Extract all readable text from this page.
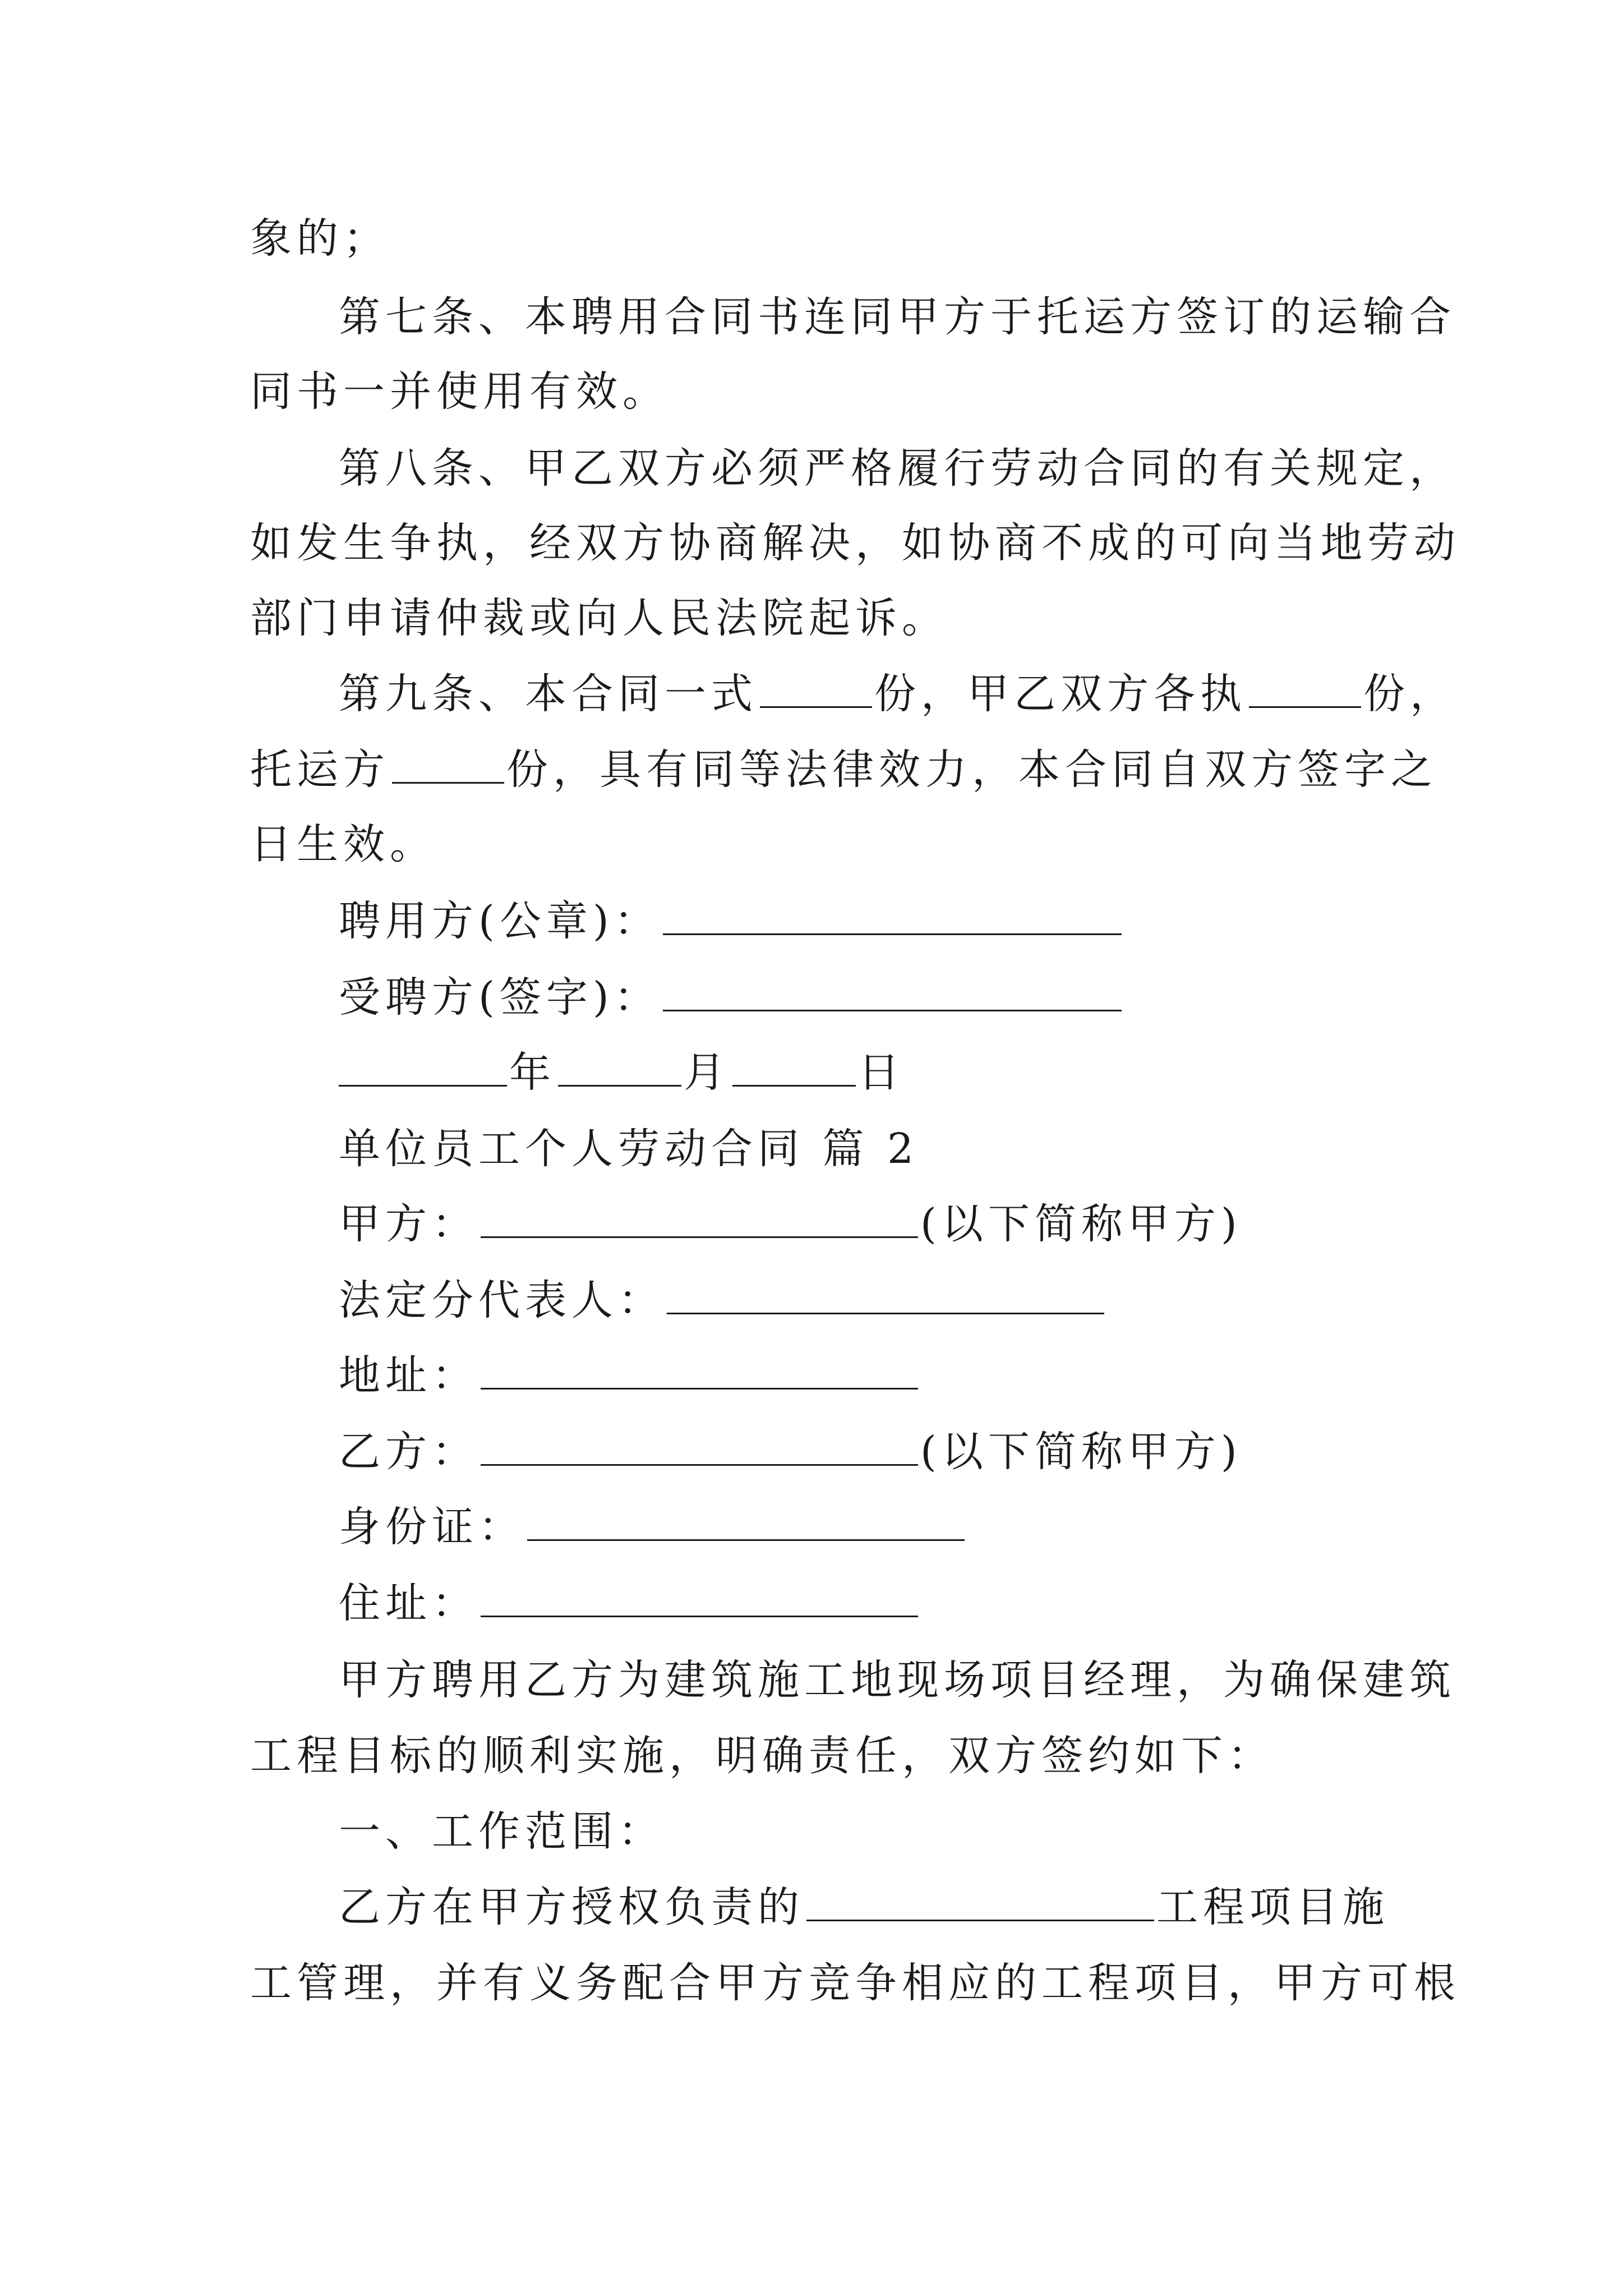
象的；
第七条、本聘用合同书连同甲方于托运方签订的运输合
同书一并使用有效。
第八条、甲乙双方必须严格履行劳动合同的有关规定，
如发生争执，经双方协商解决，如协商不成的可向当地劳动
部门申请仲裁或向人民法院起诉。
第九条、本合同一式	份，甲乙双方各执	份，
托运方	份，具有同等法律效力，本合同自双方签字之
日生效。
聘用方(公章)：
受聘方(签字)：
年	月	日
单位员工个人劳动合同 篇 2
甲方：	(以下简称甲方)
法定分代表人：
地址：
乙方：	(以下简称甲方)
身份证：
住址：
甲方聘用乙方为建筑施工地现场项目经理，为确保建筑
工程目标的顺利实施，明确责任，双方签约如下：
一、工作范围：
乙方在甲方授权负责的	工程项目施
工管理，并有义务配合甲方竞争相应的工程项目，甲方可根
